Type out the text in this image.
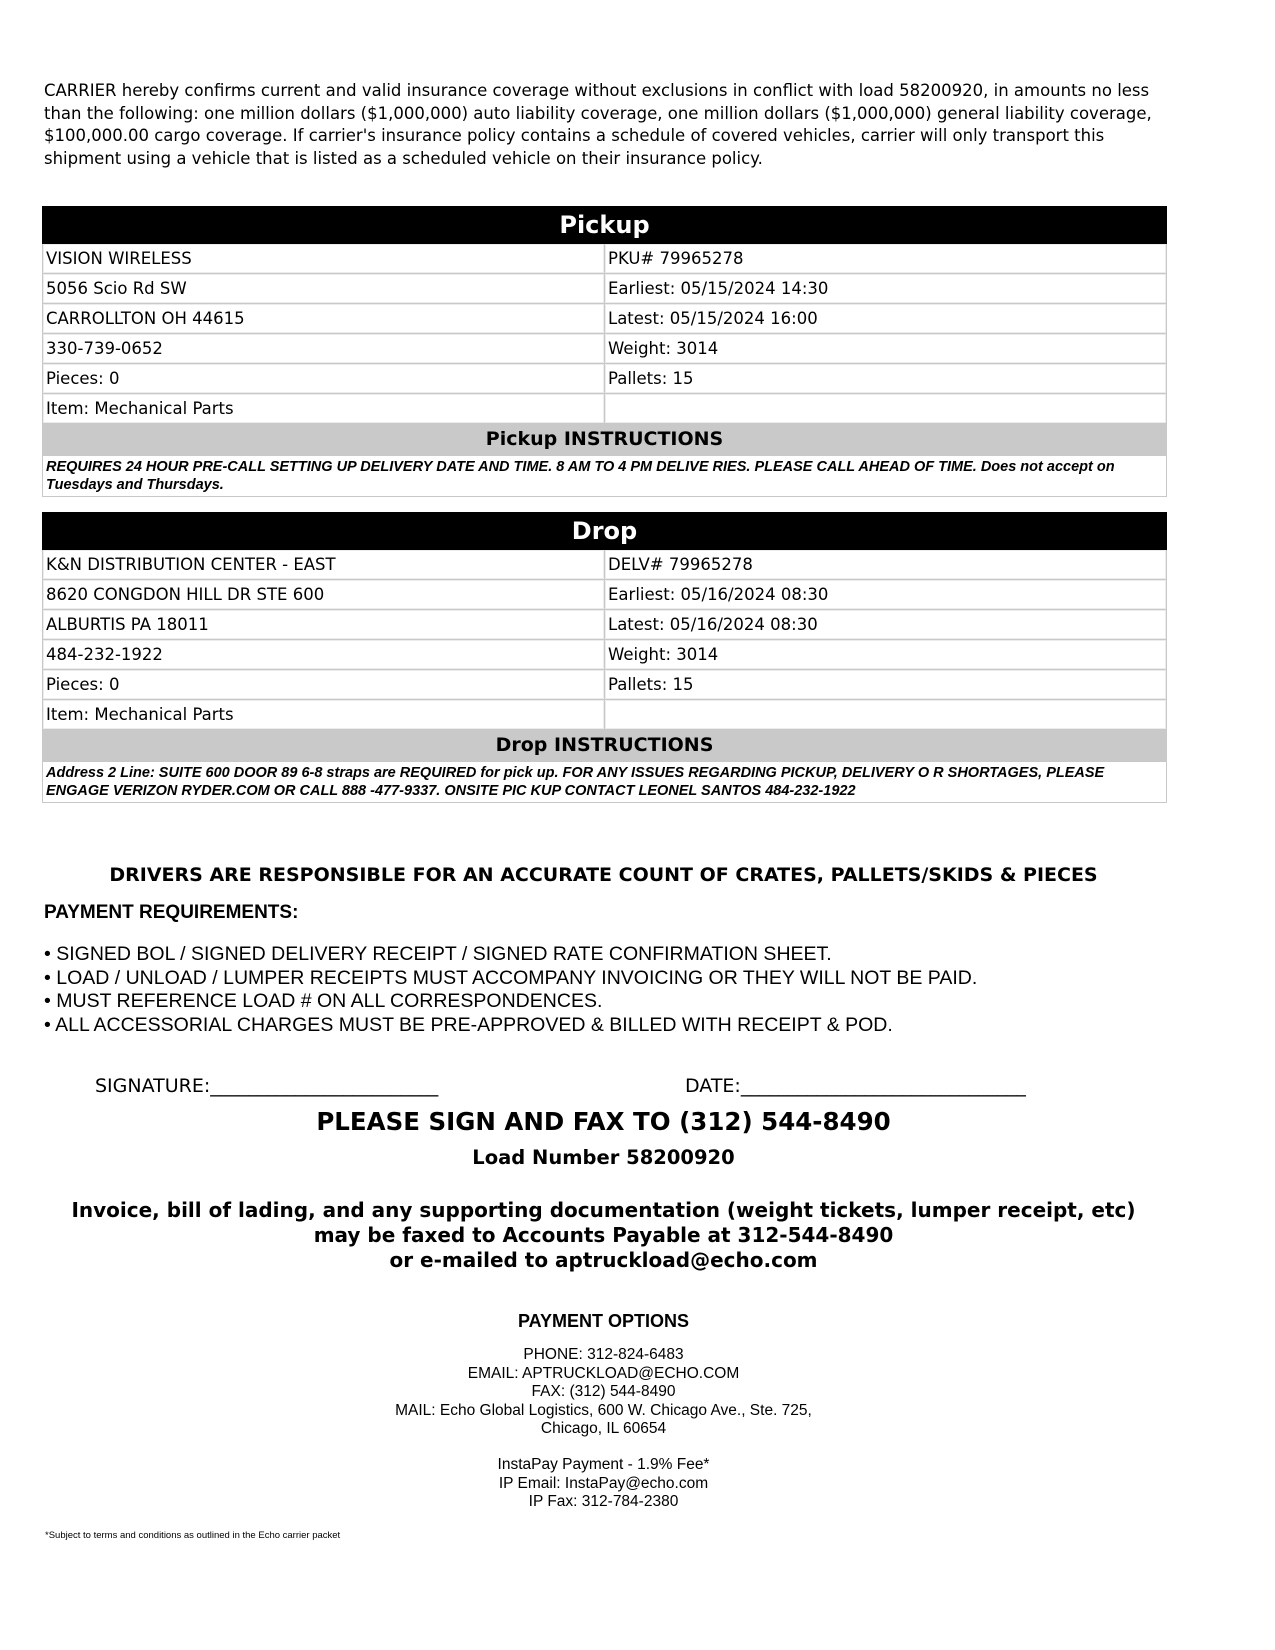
CARRIER hereby confirms current and valid insurance coverage without exclusions in conflict with load 58200920, in amounts no less than the following: one million dollars ($1,000,000) auto liability coverage, one million dollars ($1,000,000) general liability coverage, $100,000.00 cargo coverage. If carrier's insurance policy contains a schedule of covered vehicles, carrier will only transport this shipment using a vehicle that is listed as a scheduled vehicle on their insurance policy.
Pickup	
VISION WIRELESS	PKU# 79965278
5056 Scio Rd SW	Earliest: 05/15/2024 14:30
CARROLLTON OH 44615	Latest: 05/15/2024 16:00
330-739-0652	Weight: 3014
Pieces: 0	Pallets: 15
Item: Mechanical Parts	
Pickup INSTRUCTIONS	
REQUIRES 24 HOUR PRE-CALL SETTING UP DELIVERY DATE AND TIME. 8 AM TO 4 PM DELIVE RIES. PLEASE CALL AHEAD OF TIME. Does not accept on Tuesdays and Thursdays.	
Drop	
K&N DISTRIBUTION CENTER - EAST	DELV# 79965278
8620 CONGDON HILL DR STE 600	Earliest: 05/16/2024 08:30
ALBURTIS PA 18011	Latest: 05/16/2024 08:30
484-232-1922	Weight: 3014
Pieces: 0	Pallets: 15
Item: Mechanical Parts	
Drop INSTRUCTIONS	
Address 2 Line: SUITE 600 DOOR 89 6-8 straps are REQUIRED for pick up. FOR ANY ISSUES REGARDING PICKUP, DELIVERY O R SHORTAGES, PLEASE ENGAGE VERIZON RYDER.COM OR CALL 888 -477-9337. ONSITE PIC KUP CONTACT LEONEL SANTOS 484-232-1922	
DRIVERS ARE RESPONSIBLE FOR AN ACCURATE COUNT OF CRATES, PALLETS/SKIDS & PIECES
PAYMENT REQUIREMENTS:
• SIGNED BOL / SIGNED DELIVERY RECEIPT / SIGNED RATE CONFIRMATION SHEET.
• LOAD / UNLOAD / LUMPER RECEIPTS MUST ACCOMPANY INVOICING OR THEY WILL NOT BE PAID.
• MUST REFERENCE LOAD # ON ALL CORRESPONDENCES.
• ALL ACCESSORIAL CHARGES MUST BE PRE-APPROVED & BILLED WITH RECEIPT & POD.
SIGNATURE:________________________	DATE:______________________________
PLEASE SIGN AND FAX TO (312) 544-8490
Load Number 58200920
Invoice, bill of lading, and any supporting documentation (weight tickets, lumper receipt, etc)
may be faxed to Accounts Payable at 312-544-8490
or e-mailed to aptruckload@echo.com
PAYMENT OPTIONS
PHONE: 312-824-6483
EMAIL: APTRUCKLOAD@ECHO.COM
FAX: (312) 544-8490
MAIL: Echo Global Logistics, 600 W. Chicago Ave., Ste. 725,
Chicago, IL 60654
InstaPay Payment - 1.9% Fee*
IP Email: InstaPay@echo.com
IP Fax: 312-784-2380
*Subject to terms and conditions as outlined in the Echo carrier packet
